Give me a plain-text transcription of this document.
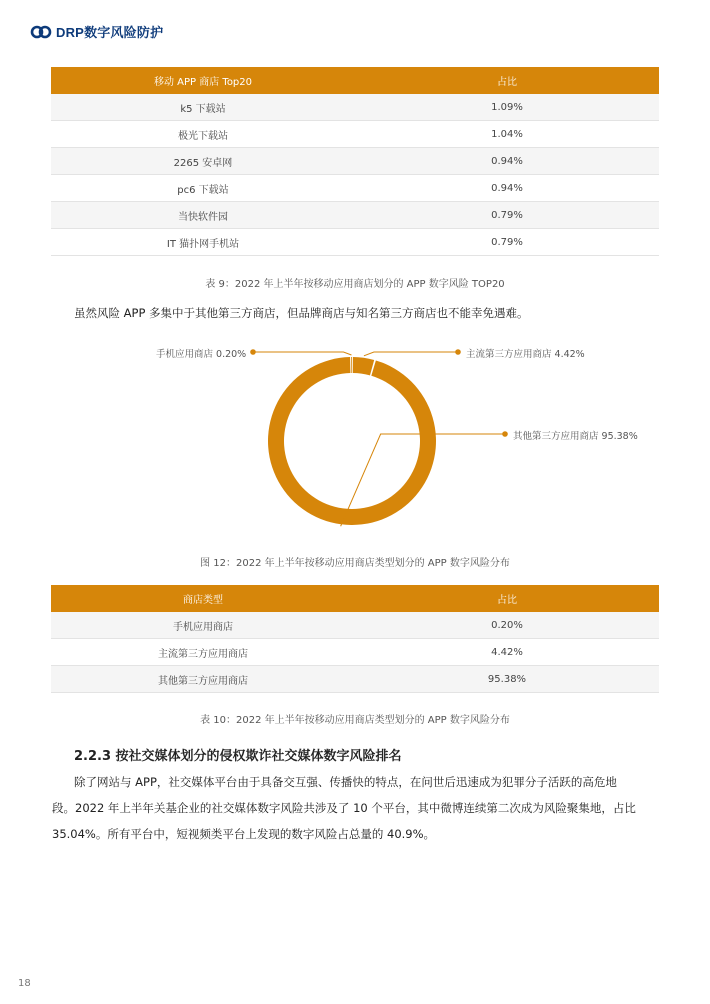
DRP数字风险防护
移动 APP 商店 Top20	占比
k5 下载站	1.09%
极光下载站	1.04%
2265 安卓网	0.94%
pc6 下载站	0.94%
当快软件园	0.79%
IT 猫扑网手机站	0.79%
表 9：2022 年上半年按移动应用商店划分的 APP 数字风险 TOP20
虽然风险 APP 多集中于其他第三方商店，但品牌商店与知名第三方商店也不能幸免遇难。
手机应用商店 0.20%	主流第三方应用商店 4.42%
其他第三方应用商店 95.38%
图 12：2022 年上半年按移动应用商店类型划分的 APP 数字风险分布
商店类型	占比
手机应用商店	0.20%
主流第三方应用商店	4.42%
其他第三方应用商店	95.38%
表 10：2022 年上半年按移动应用商店类型划分的 APP 数字风险分布
2.2.3 按社交媒体划分的侵权欺诈社交媒体数字风险排名
除了网站与 APP，社交媒体平台由于具备交互强、传播快的特点，在问世后迅速成为犯罪分子活跃的高危地
段。2022 年上半年关基企业的社交媒体数字风险共涉及了 10 个平台，其中微博连续第二次成为风险聚集地，占比
35.04%。所有平台中，短视频类平台上发现的数字风险占总量的 40.9%。
18
